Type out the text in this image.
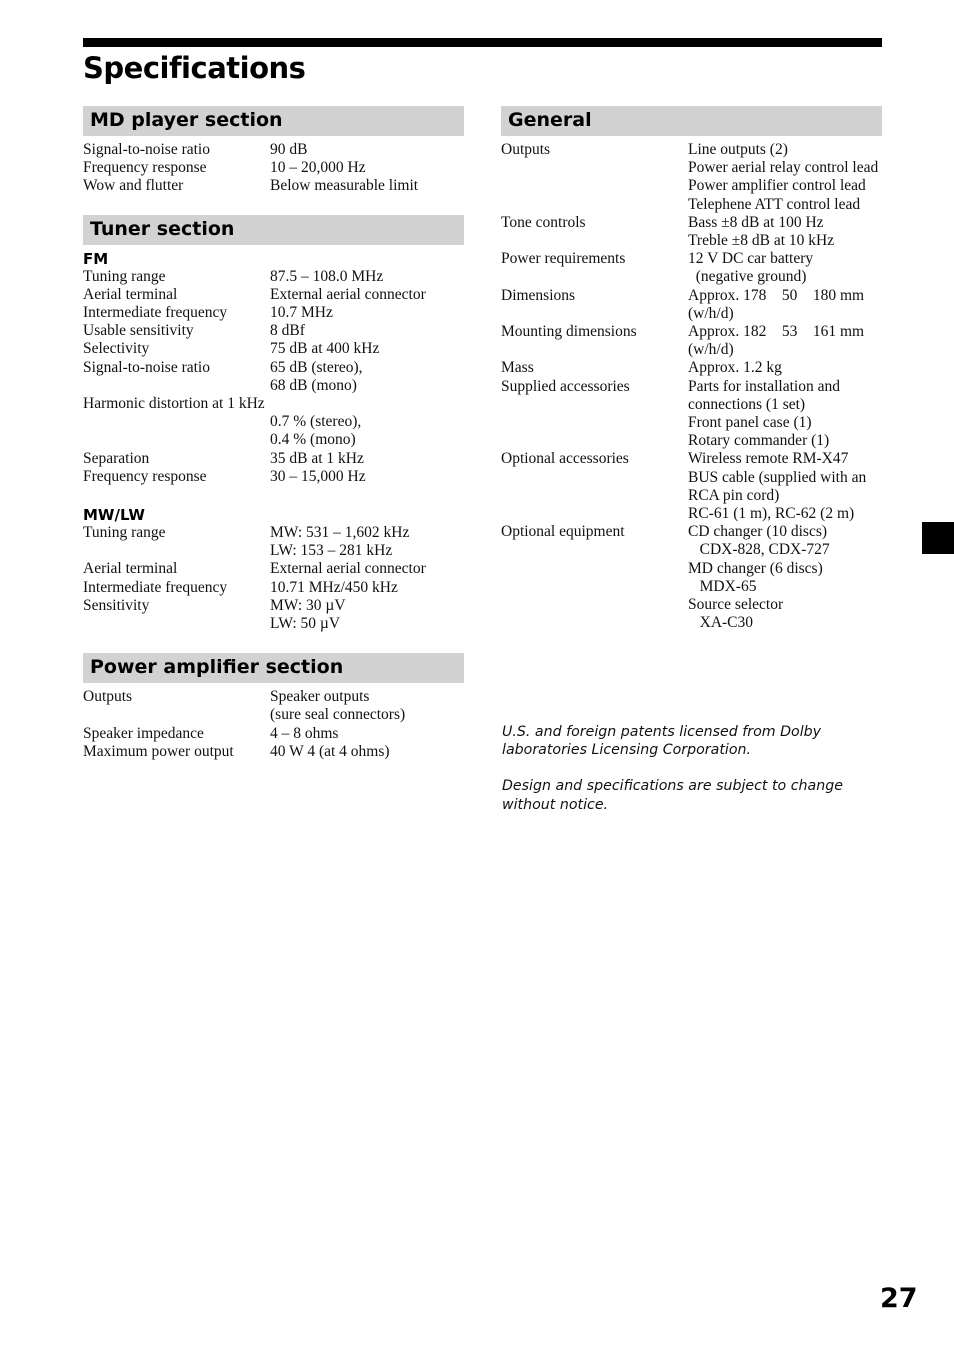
Specifications
MD player section
Signal-to-noise ratio	90 dB
Frequency response	10 – 20,000 Hz
Wow and flutter	Below measurable limit
Tuner section
FM
Tuning range	87.5 – 108.0 MHz
Aerial terminal	External aerial connector
Intermediate frequency	10.7 MHz
Usable sensitivity	8 dBf
Selectivity	75 dB at 400 kHz
Signal-to-noise ratio	65 dB (stereo),
68 dB (mono)
Harmonic distortion at 1 kHz
0.7 % (stereo),
0.4 % (mono)
Separation	35 dB at 1 kHz
Frequency response	30 – 15,000 Hz
MW/LW
Tuning range	MW: 531 – 1,602 kHz
LW: 153 – 281 kHz
Aerial terminal	External aerial connector
Intermediate frequency	10.71 MHz/450 kHz
Sensitivity	MW: 30 µV
LW: 50 µV
Power amplifier section
Outputs	Speaker outputs
(sure seal connectors)
Speaker impedance	4 – 8 ohms
Maximum power output	40 W 4 (at 4 ohms)
General
Outputs	Line outputs (2)
Power aerial relay control lead
Power amplifier control lead
Telephene ATT control lead
Tone controls	Bass ±8 dB at 100 Hz
Treble ±8 dB at 10 kHz
Power requirements	12 V DC car battery
(negative ground)
Dimensions	Approx. 178    50    180 mm (w/h/d)
Mounting dimensions	Approx. 182    53    161 mm (w/h/d)
Mass	Approx. 1.2 kg
Supplied accessories	Parts for installation and connections (1 set)
Front panel case (1)
Rotary commander (1)
Optional accessories	Wireless remote RM-X47
BUS cable (supplied with an RCA pin cord)
RC-61 (1 m), RC-62 (2 m)
Optional equipment	CD changer (10 discs)
CDX-828, CDX-727
MD changer (6 discs)
MDX-65
Source selector
XA-C30

U.S. and foreign patents licensed from Dolby laboratories Licensing Corporation.

Design and specifications are subject to change without notice.

27
